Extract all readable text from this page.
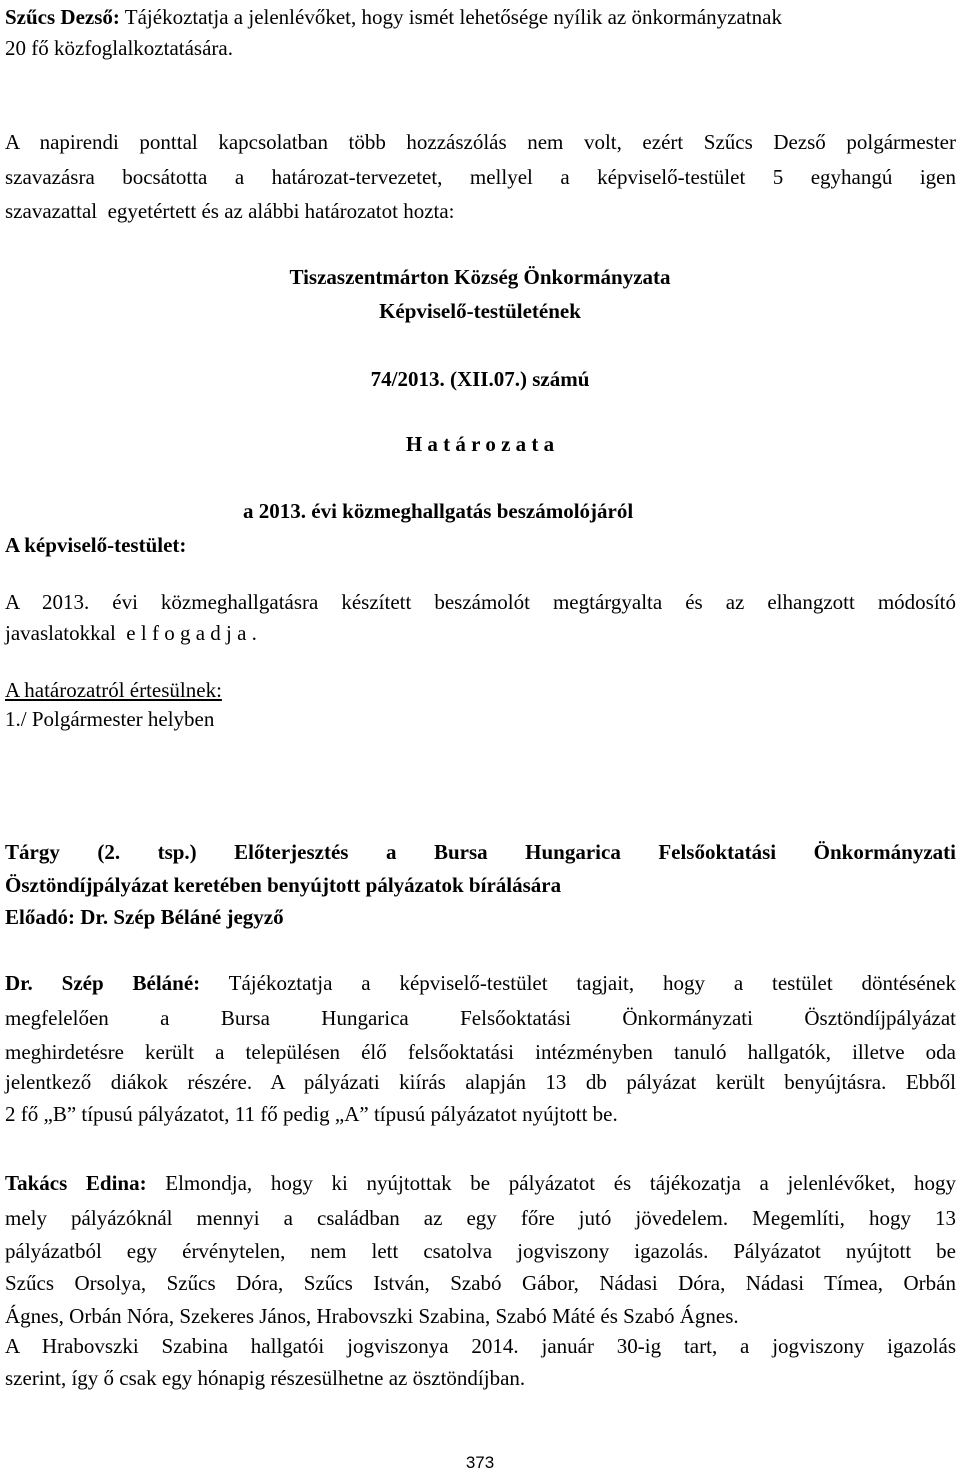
Szűcs Dezső: Tájékoztatja a jelenlévőket, hogy ismét lehetősége nyílik az önkormányzatnak
20 fő közfoglalkoztatására.
A napirendi ponttal kapcsolatban több hozzászólás nem volt, ezért Szűcs Dezső polgármester
szavazásra bocsátotta a határozat-tervezetet, mellyel a képviselő-testület 5 egyhangú igen
szavazattal  egyetértett és az alábbi határozatot hozta:
Tiszaszentmárton Község Önkormányzata
Képviselő-testületének
74/2013. (XII.07.) számú
H a t á r o z a t a
a 2013. évi közmeghallgatás beszámolójáról
A képviselő-testület:
A 2013. évi közmeghallgatásra készített beszámolót megtárgyalta és az elhangzott módosító
javaslatokkal  e l f o g a d j a .
A határozatról értesülnek:
1./ Polgármester helyben
Tárgy (2. tsp.) Előterjesztés a Bursa Hungarica Felsőoktatási Önkormányzati
Ösztöndíjpályázat keretében benyújtott pályázatok bírálására
Előadó: Dr. Szép Béláné jegyző
Dr. Szép Béláné: Tájékoztatja a képviselő-testület tagjait, hogy a testület döntésének
megfelelően a Bursa Hungarica Felsőoktatási Önkormányzati Ösztöndíjpályázat
meghirdetésre került a településen élő felsőoktatási intézményben tanuló hallgatók, illetve oda
jelentkező diákok részére. A pályázati kiírás alapján 13 db pályázat került benyújtásra. Ebből
2 fő „B” típusú pályázatot, 11 fő pedig „A” típusú pályázatot nyújtott be.
Takács Edina: Elmondja, hogy ki nyújtottak be pályázatot és tájékozatja a jelenlévőket, hogy
mely pályázóknál mennyi a családban az egy főre jutó jövedelem. Megemlíti, hogy 13
pályázatból egy érvénytelen, nem lett csatolva jogviszony igazolás. Pályázatot nyújtott be
Szűcs Orsolya, Szűcs Dóra, Szűcs István, Szabó Gábor, Nádasi Dóra, Nádasi Tímea, Orbán
Ágnes, Orbán Nóra, Szekeres János, Hrabovszki Szabina, Szabó Máté és Szabó Ágnes.
A Hrabovszki Szabina hallgatói jogviszonya 2014. január 30-ig tart, a jogviszony igazolás
szerint, így ő csak egy hónapig részesülhetne az ösztöndíjban.
373
